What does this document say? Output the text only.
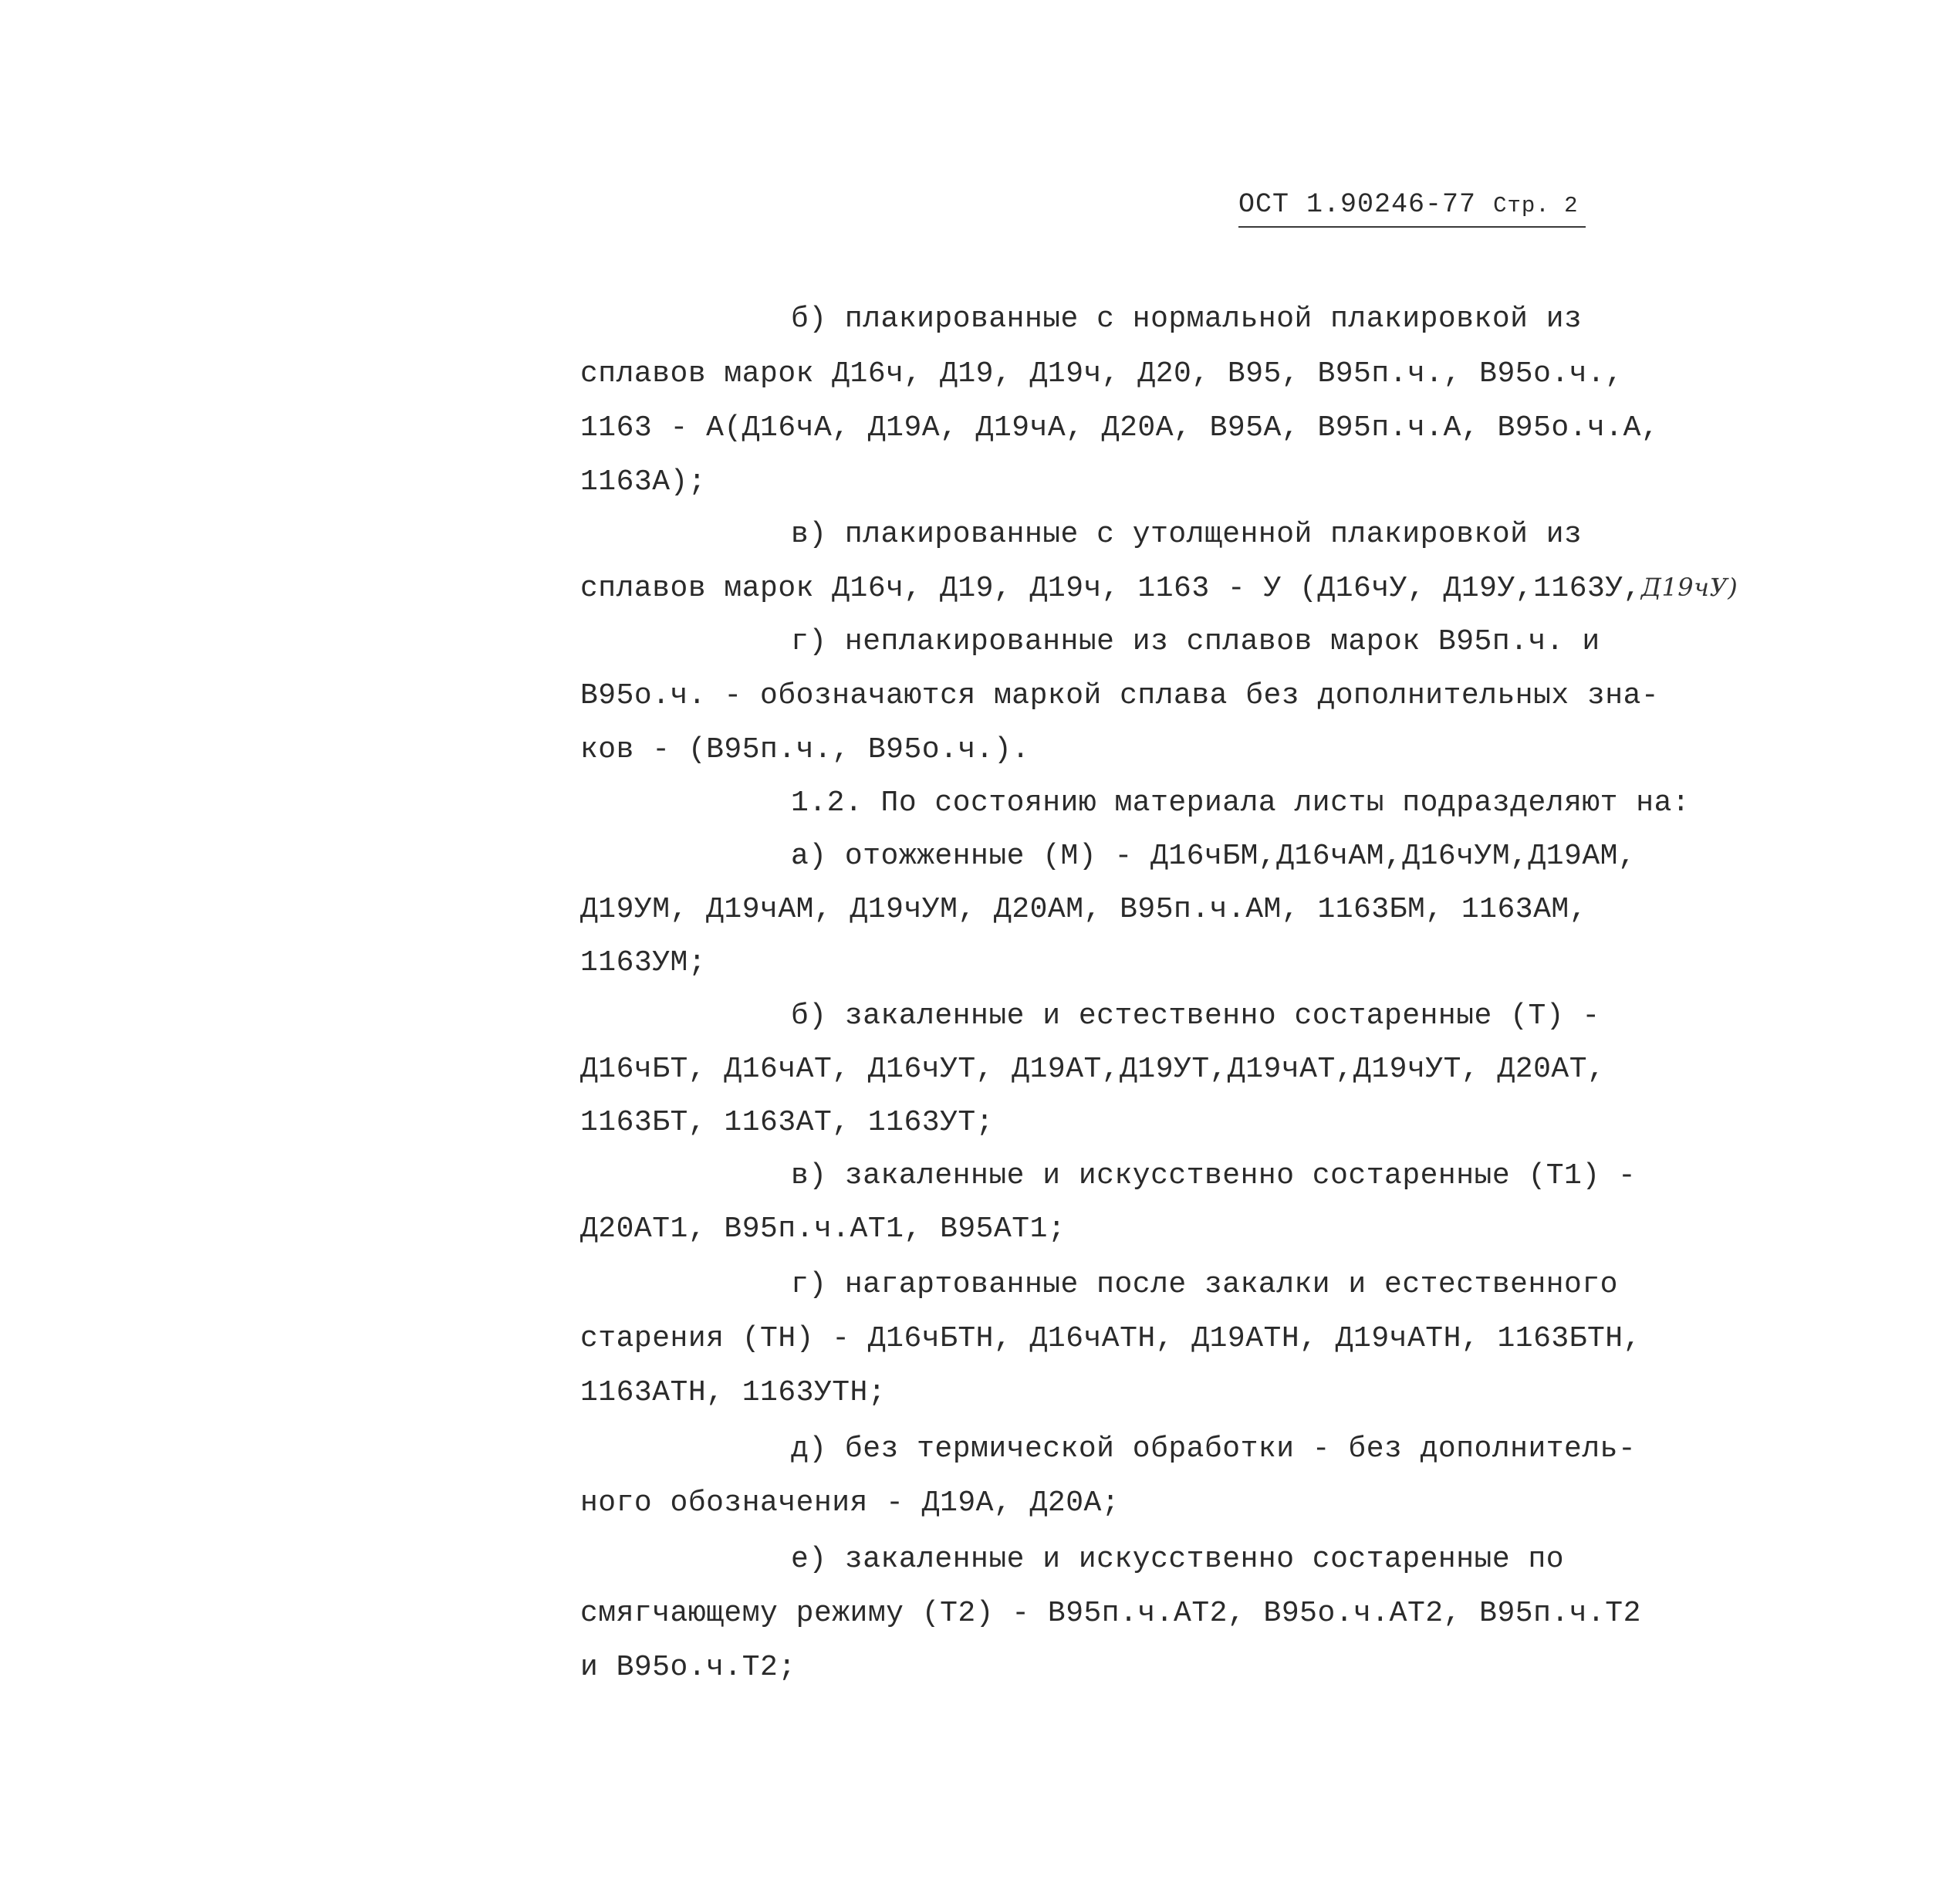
ОСТ 1.90246-77 Стр. 2
б) плакированные с нормальной плакировкой из
сплавов марок Д16ч, Д19, Д19ч, Д20, В95, В95п.ч., В95о.ч.,
1163 - А(Д16чА, Д19А, Д19чА, Д20А, В95А, В95п.ч.А, В95о.ч.А,
1163А);
в) плакированные с утолщенной плакировкой из
сплавов марок Д16ч, Д19, Д19ч, 1163 - У (Д16чУ, Д19У,1163У,Д19чУ)
г) неплакированные из сплавов марок В95п.ч. и
В95о.ч. - обозначаются маркой сплава без дополнительных зна-
ков - (В95п.ч., В95о.ч.).
1.2. По состоянию материала листы подразделяют на:
а) отожженные (М) - Д16чБМ,Д16чАМ,Д16чУМ,Д19АМ,
Д19УМ, Д19чАМ, Д19чУМ, Д20АМ, В95п.ч.АМ, 1163БМ, 1163АМ,
1163УМ;
б) закаленные и естественно состаренные (Т) -
Д16чБТ, Д16чАТ, Д16чУТ, Д19АТ,Д19УТ,Д19чАТ,Д19чУТ, Д20АТ,
1163БТ, 1163АТ, 1163УТ;
в) закаленные и искусственно состаренные (Т1) -
Д20АТ1, В95п.ч.АТ1, В95АТ1;
г) нагартованные после закалки и естественного
старения (ТН) - Д16чБТН, Д16чАТН, Д19АТН, Д19чАТН, 1163БТН,
1163АТН, 1163УТН;
д) без термической обработки - без дополнитель-
ного обозначения - Д19А, Д20А;
е) закаленные и искусственно состаренные по
смягчающему режиму (Т2) - В95п.ч.АТ2, В95о.ч.АТ2, В95п.ч.Т2
и В95о.ч.Т2;
